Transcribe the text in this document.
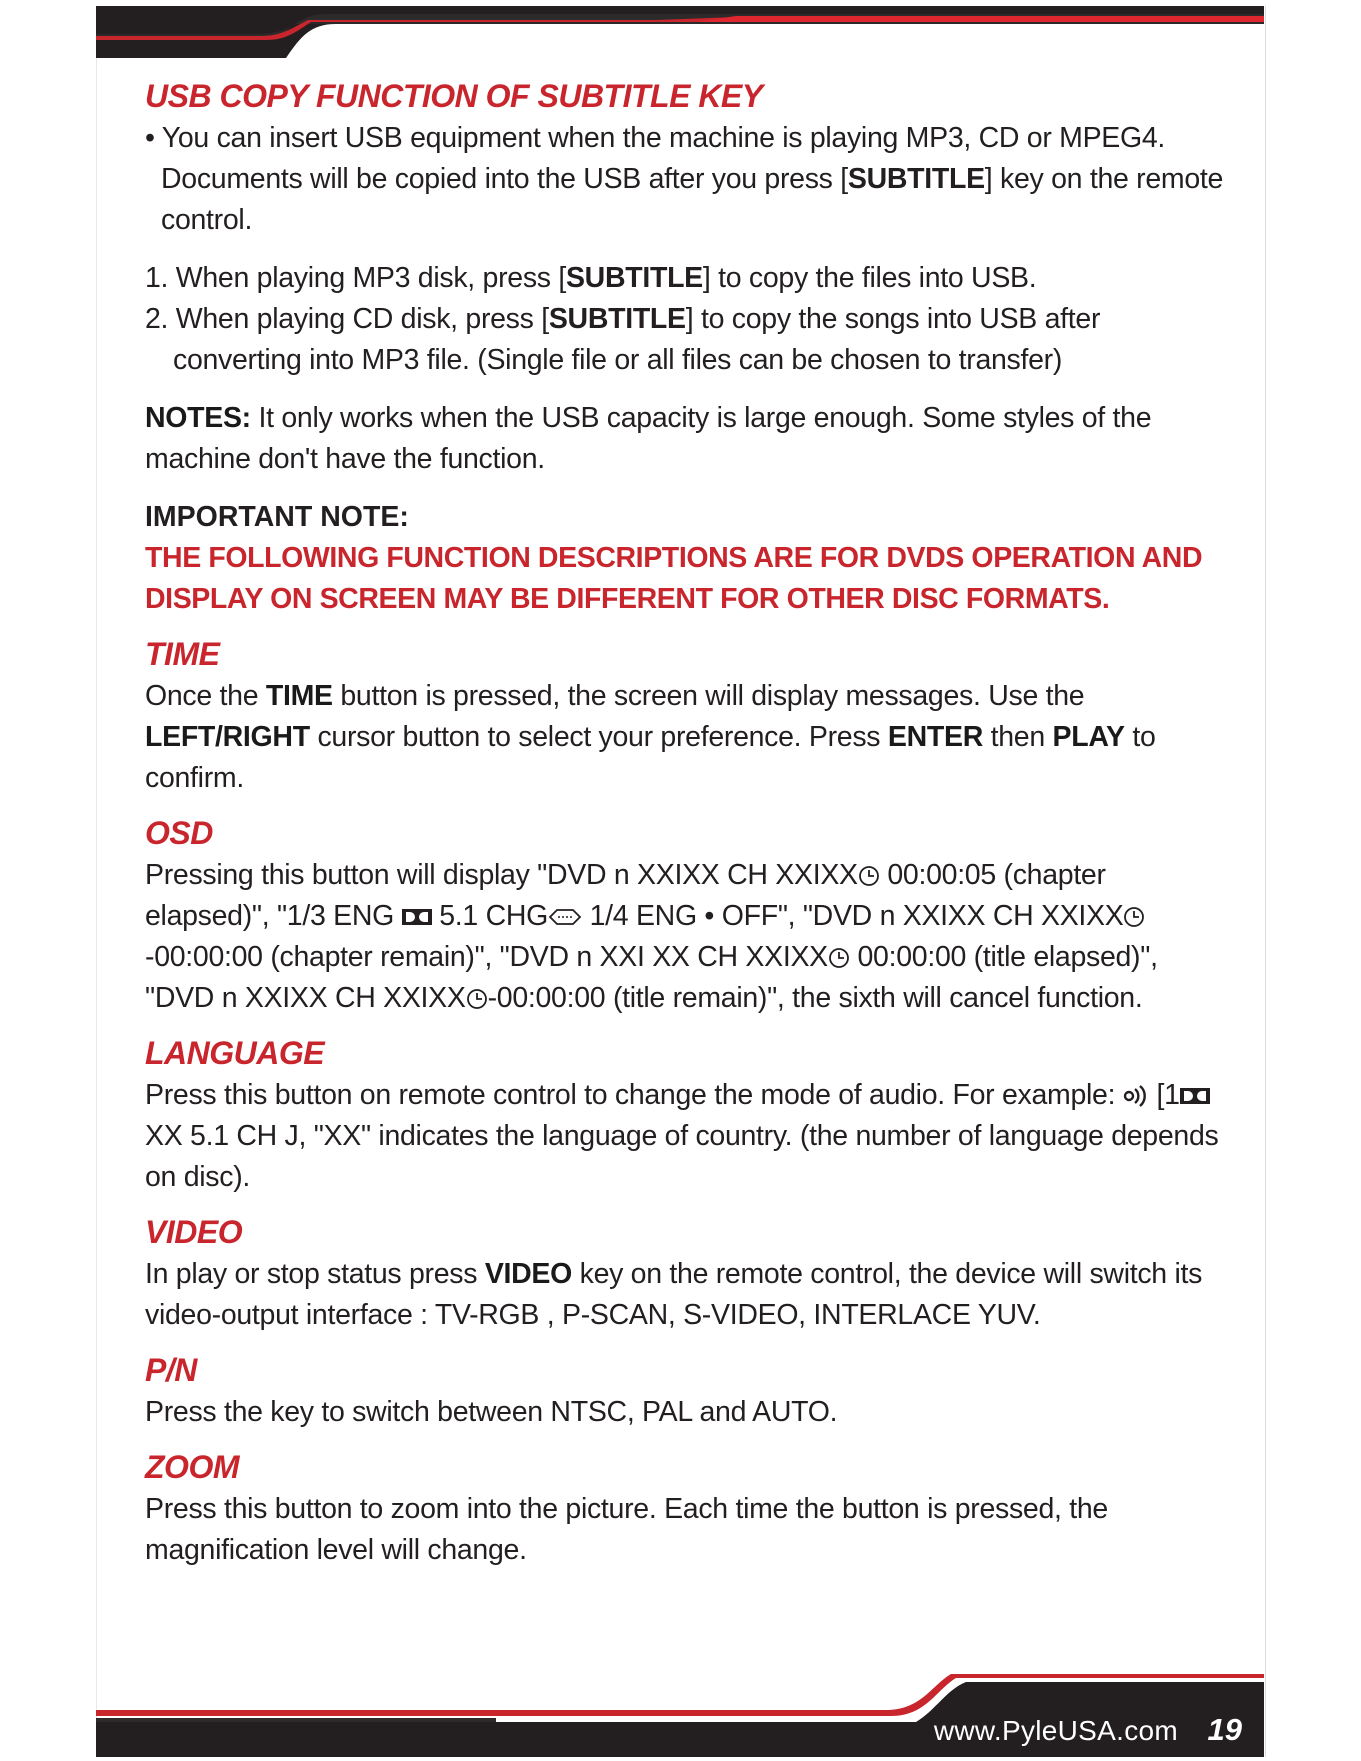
USB COPY FUNCTION OF SUBTITLE KEY

• You can insert USB equipment when the machine is playing MP3, CD or MPEG4. Documents will be copied into the USB after you press [SUBTITLE] key on the remote control.

1. When playing MP3 disk, press [SUBTITLE] to copy the files into USB.
2. When playing CD disk, press [SUBTITLE] to copy the songs into USB after converting into MP3 file. (Single file or all files can be chosen to transfer)

NOTES: It only works when the USB capacity is large enough. Some styles of the machine don't have the function.

IMPORTANT NOTE:

THE FOLLOWING FUNCTION DESCRIPTIONS ARE FOR DVDS OPERATION AND DISPLAY ON SCREEN MAY BE DIFFERENT FOR OTHER DISC FORMATS.

TIME

Once the TIME button is pressed, the screen will display messages. Use the LEFT/RIGHT cursor button to select your preference. Press ENTER then PLAY to confirm.

OSD

Pressing this button will display "DVD n XXIXX CH XXIXX 00:00:05 (chapter elapsed)", "1/3 ENG  5.1 CHG 1/4 ENG • OFF", "DVD n XXIXX CH XXIXX -00:00:00 (chapter remain)", "DVD n XXI XX CH XXIXX 00:00:00 (title elapsed)", "DVD n XXIXX CH XXIXX -00:00:00 (title remain)", the sixth will cancel function.

LANGUAGE

Press this button on remote control to change the mode of audio. For example:  [1 XX 5.1 CH J, "XX" indicates the language of country. (the number of language depends on disc).

VIDEO

In play or stop status press VIDEO key on the remote control, the device will switch its video-output interface : TV-RGB , P-SCAN, S-VIDEO, INTERLACE YUV.

P/N

Press the key to switch between NTSC, PAL and AUTO.

ZOOM

Press this button to zoom into the picture. Each time the button is pressed, the magnification level will change.

www.PyleUSA.com 19
